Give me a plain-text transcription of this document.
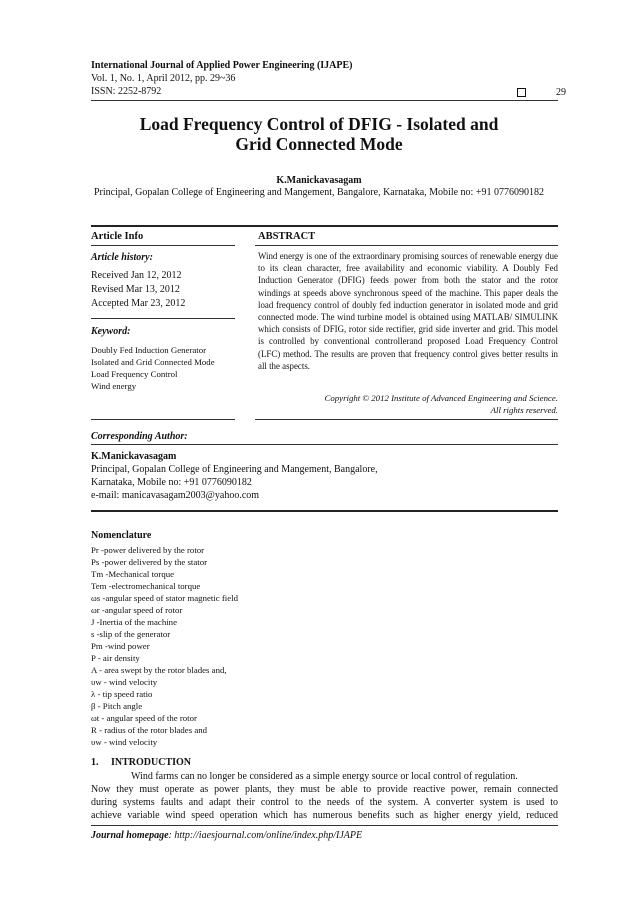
International Journal of Applied Power Engineering (IJAPE)
Vol. 1, No. 1, April 2012, pp. 29~36
ISSN: 2252-8792	29
Load Frequency Control of DFIG - Isolated and
Grid Connected Mode
K.Manickavasagam
Principal, Gopalan College of Engineering and Mangement, Bangalore, Karnataka, Mobile no: +91 0776090182
Article Info	ABSTRACT
Article history:
Received Jan 12, 2012
Revised Mar 13, 2012
Accepted Mar 23, 2012
Keyword:
Doubly Fed Induction Generator
Isolated and Grid Connected Mode
Load Frequency Control
Wind energy
Wind energy is one of the extraordinary promising sources of renewable energy due to its clean character, free availability and economic viability. A Doubly Fed Induction Generator (DFIG) feeds power from both the stator and the rotor windings at speeds above synchronous speed of the machine. This paper deals the load frequency control of doubly fed induction generator in isolated mode and grid connected mode. The wind turbine model is obtained using MATLAB/ SIMULINK which consists of DFIG, rotor side rectifier, grid side inverter and grid. This model is controlled by conventional controllerand proposed Load Frequency Control (LFC) method. The results are proven that frequency control gives better results in all the aspects.
Copyright © 2012 Institute of Advanced Engineering and Science.
All rights reserved.
Corresponding Author:
K.Manickavasagam
Principal, Gopalan College of Engineering and Mangement, Bangalore,
Karnataka, Mobile no: +91 0776090182
e-mail: manicavasagam2003@yahoo.com
Nomenclature
Pr -power delivered by the rotor
Ps -power delivered by the stator
Tm -Mechanical torque
Tem -electromechanical torque
ωs -angular speed of stator magnetic field
ωr -angular speed of rotor
J -Inertia of the machine
s -slip of the generator
Pm -wind power
P - air density
A - area swept by the rotor blades and,
υw - wind velocity
λ - tip speed ratio
β - Pitch angle
ωt - angular speed of the rotor
R - radius of the rotor blades and
υw - wind velocity
1.     INTRODUCTION
Wind farms can no longer be considered as a simple energy source or local control of regulation.
Now they must operate as power plants, they must be able to provide reactive power, remain connected
during systems faults and adapt their control to the needs of the system. A converter system is used to
achieve variable wind speed operation which has numerous benefits such as higher energy yield, reduced
Journal homepage: http://iaesjournal.com/online/index.php/IJAPE
